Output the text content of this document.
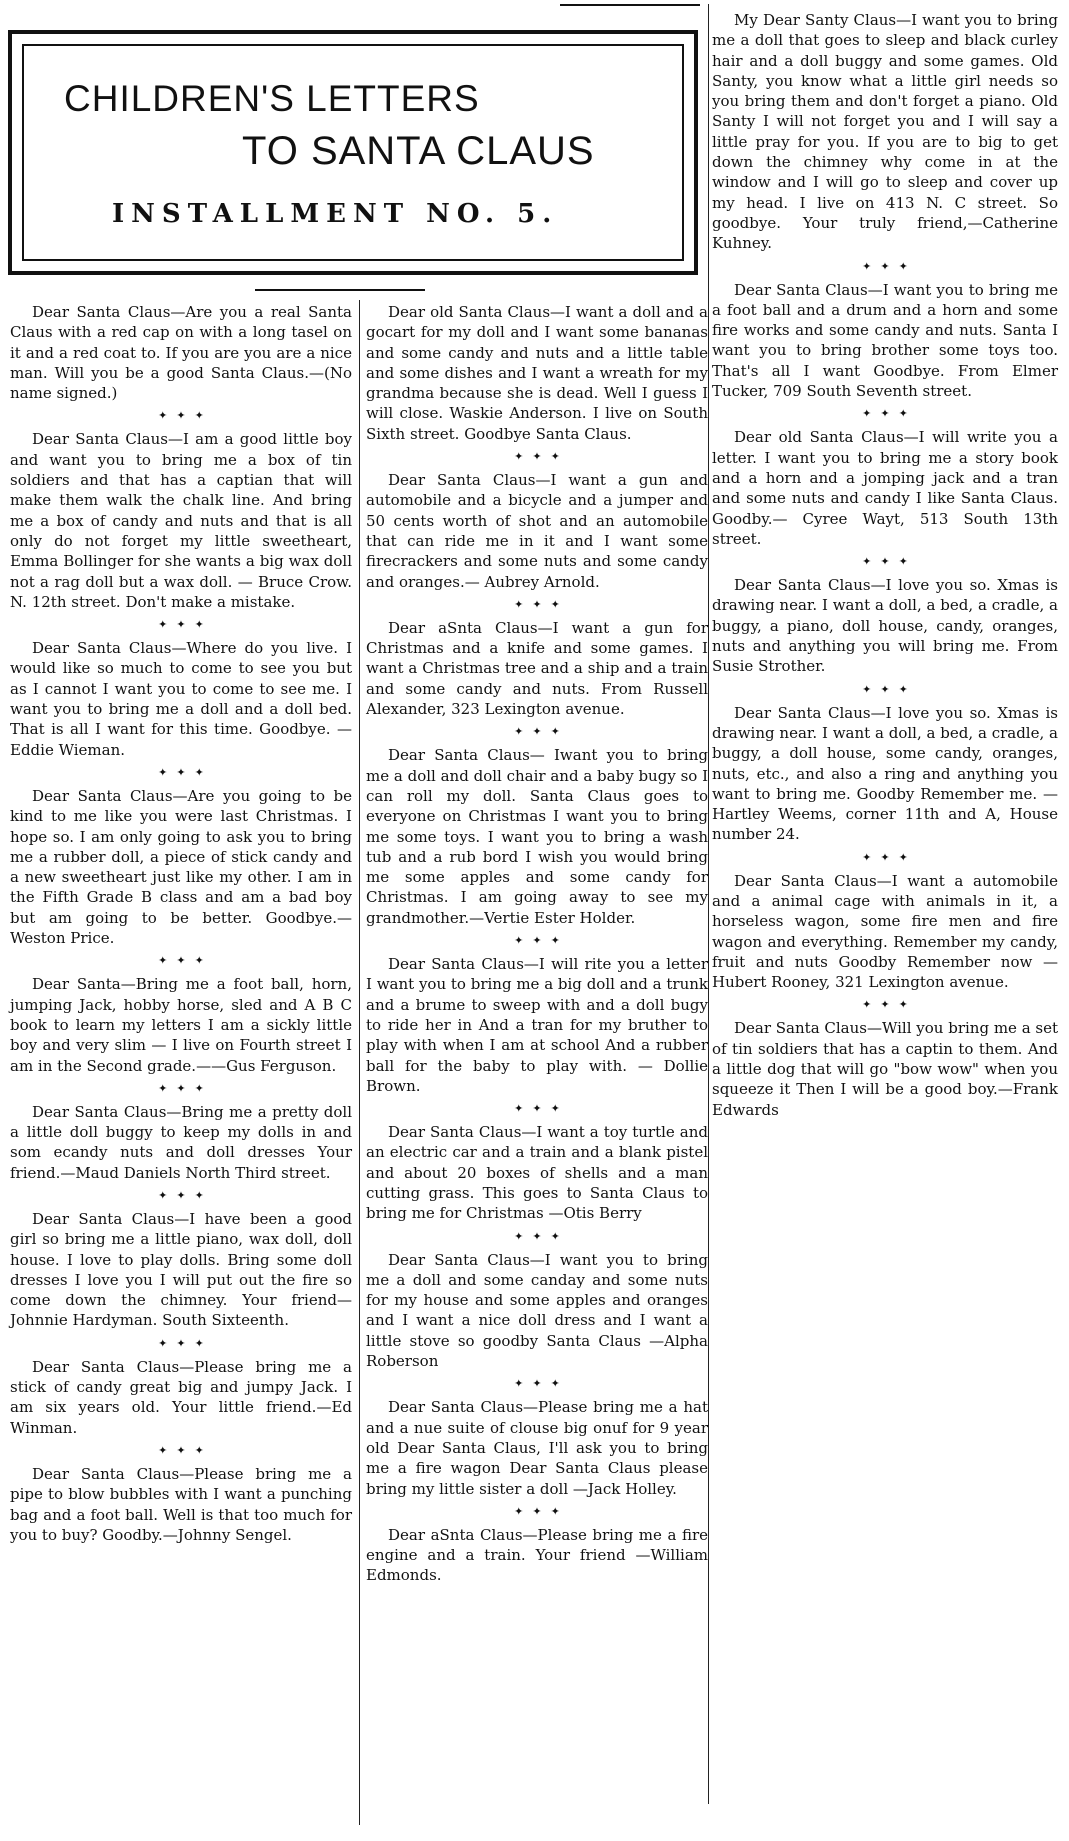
CHILDREN'S LETTERS
TO SANTA CLAUS
INSTALLMENT NO. 5.

Dear Santa Claus—Are you a real Santa Claus with a red cap on with a long tasel on it and a red coat to. If you are you are a nice man. Will you be a good Santa Claus.—(No name signed.)

✦✦✦

Dear Santa Claus—I am a good little boy and want you to bring me a box of tin soldiers and that has a captian that will make them walk the chalk line. And bring me a box of candy and nuts and that is all only do not forget my little sweetheart, Emma Bollinger for she wants a big wax doll not a rag doll but a wax doll. — Bruce Crow. N. 12th street. Don't make a mistake.

✦✦✦

Dear Santa Claus—Where do you live. I would like so much to come to see you but as I cannot I want you to come to see me. I want you to bring me a doll and a doll bed. That is all I want for this time. Goodbye. —Eddie Wieman.

✦✦✦

Dear Santa Claus—Are you going to be kind to me like you were last Christmas. I hope so. I am only going to ask you to bring me a rubber doll, a piece of stick candy and a new sweetheart just like my other. I am in the Fifth Grade B class and am a bad boy but am going to be better. Goodbye.—Weston Price.

✦✦✦

Dear Santa—Bring me a foot ball, horn, jumping Jack, hobby horse, sled and A B C book to learn my letters I am a sickly little boy and very slim — I live on Fourth street I am in the Second grade.——Gus Ferguson.

✦✦✦

Dear Santa Claus—Bring me a pretty doll a little doll buggy to keep my dolls in and som ecandy nuts and doll dresses Your friend.—Maud Daniels North Third street.

✦✦✦

Dear Santa Claus—I have been a good girl so bring me a little piano, wax doll, doll house. I love to play dolls. Bring some doll dresses I love you I will put out the fire so come down the chimney. Your friend— Johnnie Hardyman. South Sixteenth.

✦✦✦

Dear Santa Claus—Please bring me a stick of candy great big and jumpy Jack. I am six years old. Your little friend.—Ed Winman.

✦✦✦

Dear Santa Claus—Please bring me a pipe to blow bubbles with I want a punching bag and a foot ball. Well is that too much for you to buy? Goodby.—Johnny Sengel.

Dear old Santa Claus—I want a doll and a gocart for my doll and I want some bananas and some candy and nuts and a little table and some dishes and I want a wreath for my grandma because she is dead. Well I guess I will close. Waskie Anderson. I live on South Sixth street. Goodbye Santa Claus.

✦✦✦

Dear Santa Claus—I want a gun and automobile and a bicycle and a jumper and 50 cents worth of shot and an automobile that can ride me in it and I want some firecrackers and some nuts and some candy and oranges.— Aubrey Arnold.

✦✦✦

Dear aSnta Claus—I want a gun for Christmas and a knife and some games. I want a Christmas tree and a ship and a train and some candy and nuts. From Russell Alexander, 323 Lexington avenue.

✦✦✦

Dear Santa Claus— Iwant you to bring me a doll and doll chair and a baby bugy so I can roll my doll. Santa Claus goes to everyone on Christmas I want you to bring me some toys. I want you to bring a wash tub and a rub bord I wish you would bring me some apples and some candy for Christmas. I am going away to see my grandmother.—Vertie Ester Holder.

✦✦✦

Dear Santa Claus—I will rite you a letter I want you to bring me a big doll and a trunk and a brume to sweep with and a doll bugy to ride her in And a tran for my bruther to play with when I am at school And a rubber ball for the baby to play with. — Dollie Brown.

✦✦✦

Dear Santa Claus—I want a toy turtle and an electric car and a train and a blank pistel and about 20 boxes of shells and a man cutting grass. This goes to Santa Claus to bring me for Christmas —Otis Berry

✦✦✦

Dear Santa Claus—I want you to bring me a doll and some canday and some nuts for my house and some apples and oranges and I want a nice doll dress and I want a little stove so goodby Santa Claus —Alpha Roberson

✦✦✦

Dear Santa Claus—Please bring me a hat and a nue suite of clouse big onuf for 9 year old Dear Santa Claus, I'll ask you to bring me a fire wagon Dear Santa Claus please bring my little sister a doll —Jack Holley.

✦✦✦

Dear aSnta Claus—Please bring me a fire engine and a train. Your friend —William Edmonds.

My Dear Santy Claus—I want you to bring me a doll that goes to sleep and black curley hair and a doll buggy and some games. Old Santy, you know what a little girl needs so you bring them and don't forget a piano. Old Santy I will not forget you and I will say a little pray for you. If you are to big to get down the chimney why come in at the window and I will go to sleep and cover up my head. I live on 413 N. C street. So goodbye. Your truly friend,—Catherine Kuhney.

✦✦✦

Dear Santa Claus—I want you to bring me a foot ball and a drum and a horn and some fire works and some candy and nuts. Santa I want you to bring brother some toys too. That's all I want Goodbye. From Elmer Tucker, 709 South Seventh street.

✦✦✦

Dear old Santa Claus—I will write you a letter. I want you to bring me a story book and a horn and a jomping jack and a tran and some nuts and candy I like Santa Claus. Goodby.— Cyree Wayt, 513 South 13th street.

✦✦✦

Dear Santa Claus—I love you so. Xmas is drawing near. I want a doll, a bed, a cradle, a buggy, a piano, doll house, candy, oranges, nuts and anything you will bring me. From Susie Strother.

✦✦✦

Dear Santa Claus—I love you so. Xmas is drawing near. I want a doll, a bed, a cradle, a buggy, a doll house, some candy, oranges, nuts, etc., and also a ring and anything you want to bring me. Goodby Remember me. — Hartley Weems, corner 11th and A, House number 24.

✦✦✦

Dear Santa Claus—I want a automobile and a animal cage with animals in it, a horseless wagon, some fire men and fire wagon and everything. Remember my candy, fruit and nuts Goodby Remember now —Hubert Rooney, 321 Lexington avenue.

✦✦✦

Dear Santa Claus—Will you bring me a set of tin soldiers that has a captin to them. And a little dog that will go "bow wow" when you squeeze it Then I will be a good boy.—Frank Edwards
